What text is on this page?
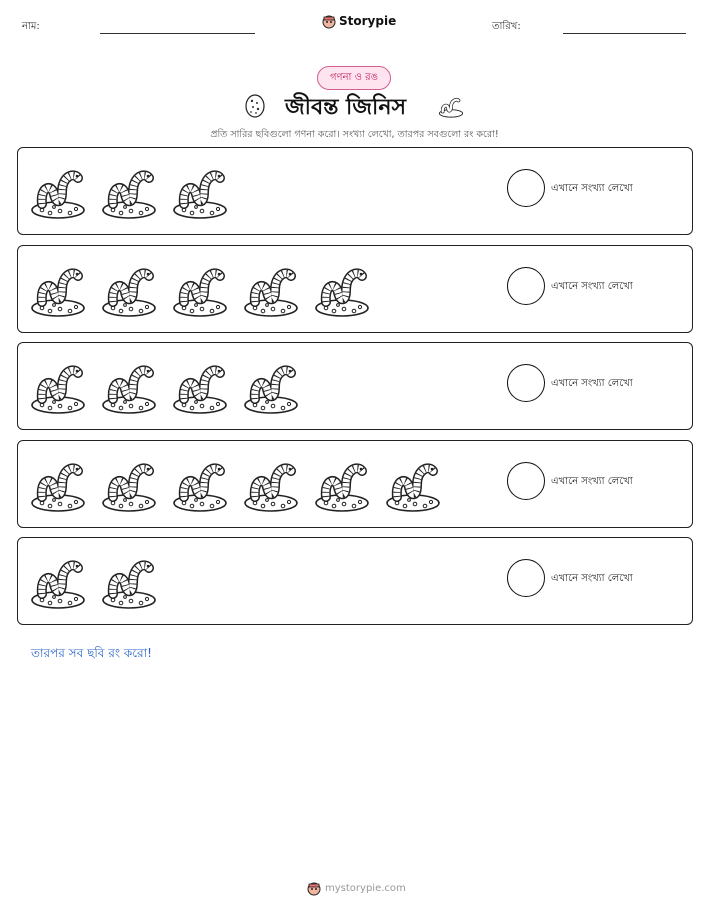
নাম:	Storypie	তারিখ:
গণনা ও রঙ
জীবন্ত জিনিস
প্রতি সারির ছবিগুলো গণনা করো। সংখ্যা লেখো, তারপর সবগুলো রং করো!
এখানে সংখ্যা লেখো
এখানে সংখ্যা লেখো
এখানে সংখ্যা লেখো
এখানে সংখ্যা লেখো
এখানে সংখ্যা লেখো
তারপর সব ছবি রং করো!
mystorypie.com
